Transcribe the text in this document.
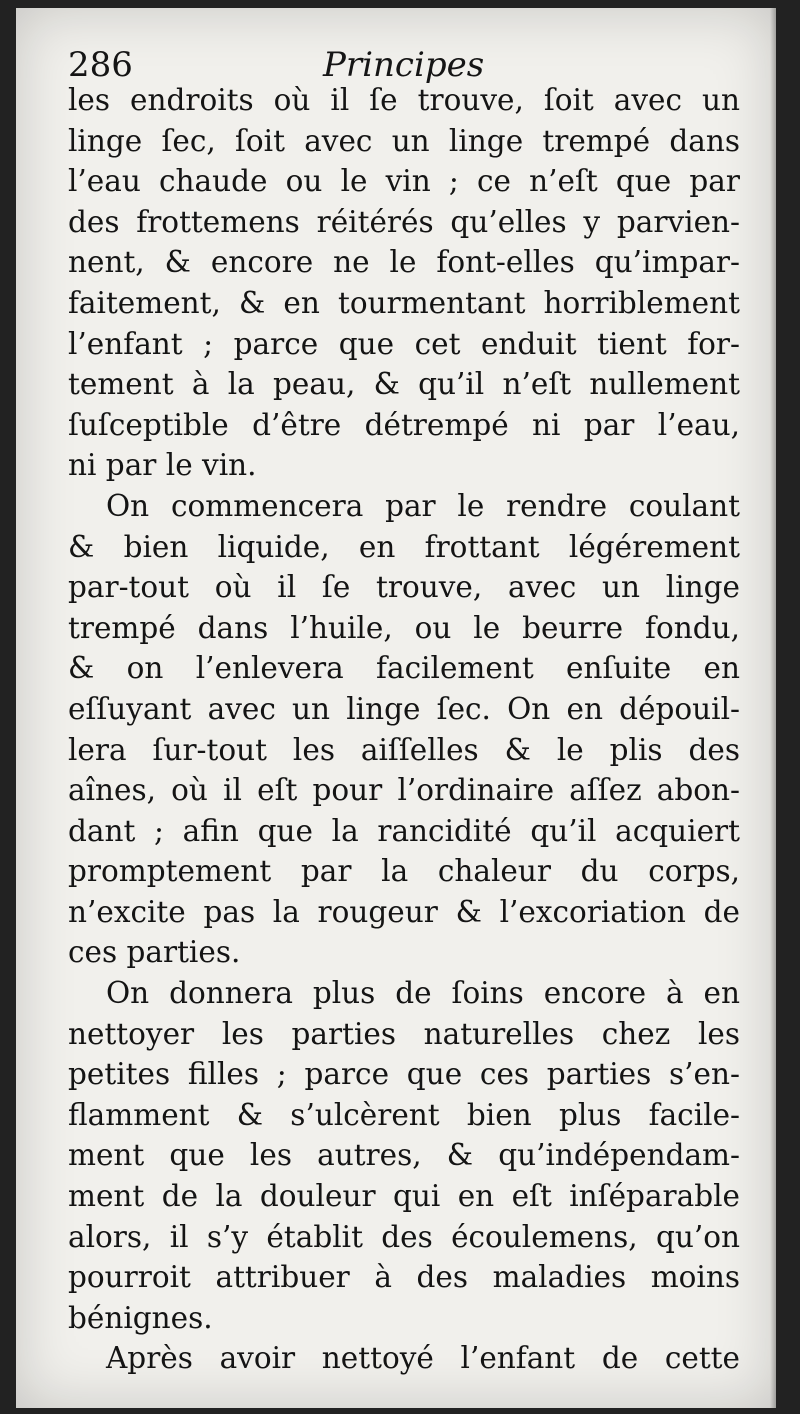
286	Principes
les endroits où il ſe trouve, ſoit avec un
linge ſec, ſoit avec un linge trempé dans
l’eau chaude ou le vin ; ce n’eſt que par
des frottemens réitérés qu’elles y parvien-
nent, & encore ne le font-elles qu’impar-
faitement, & en tourmentant horriblement
l’enfant ; parce que cet enduit tient for-
tement à la peau, & qu’il n’eſt nullement
ſuſceptible d’être détrempé ni par l’eau,
ni par le vin.
On commencera par le rendre coulant
& bien liquide, en frottant légérement
par-tout où il ſe trouve, avec un linge
trempé dans l’huile, ou le beurre fondu,
& on l’enlevera facilement enſuite en
eſſuyant avec un linge ſec. On en dépouil-
lera ſur-tout les aiſſelles & le plis des
aînes, où il eſt pour l’ordinaire aſſez abon-
dant ; afin que la rancidité qu’il acquiert
promptement par la chaleur du corps,
n’excite pas la rougeur & l’excoriation de
ces parties.
On donnera plus de ſoins encore à en
nettoyer les parties naturelles chez les
petites filles ; parce que ces parties s’en-
flamment & s’ulcèrent bien plus facile-
ment que les autres, & qu’indépendam-
ment de la douleur qui en eſt inſéparable
alors, il s’y établit des écoulemens, qu’on
pourroit attribuer à des maladies moins
bénignes.
Après avoir nettoyé l’enfant de cette
